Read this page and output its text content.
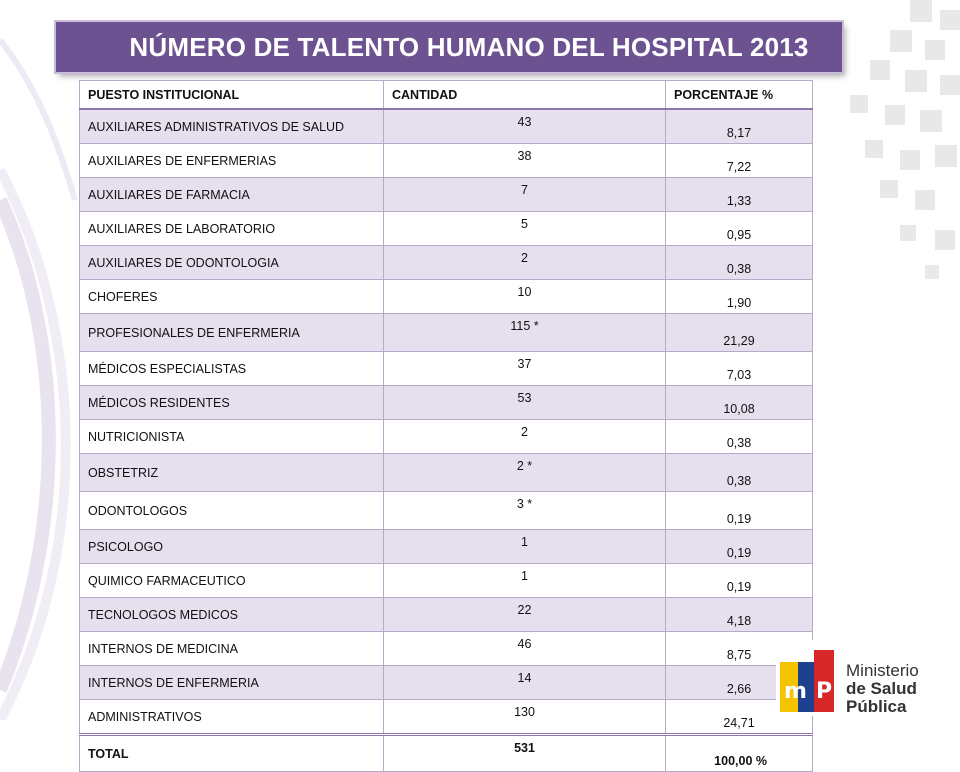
NÚMERO DE TALENTO HUMANO DEL HOSPITAL 2013
PUESTO INSTITUCIONAL	CANTIDAD	PORCENTAJE %
AUXILIARES ADMINISTRATIVOS DE SALUD	43	8,17
AUXILIARES DE ENFERMERIAS	38	7,22
AUXILIARES DE FARMACIA	7	1,33
AUXILIARES DE LABORATORIO	5	0,95
AUXILIARES DE ODONTOLOGIA	2	0,38
CHOFERES	10	1,90
PROFESIONALES DE ENFERMERIA	115 *	21,29
MÉDICOS ESPECIALISTAS	37	7,03
MÉDICOS RESIDENTES	53	10,08
NUTRICIONISTA	2	0,38
OBSTETRIZ	2 *	0,38
ODONTOLOGOS	3 *	0,19
PSICOLOGO	1	0,19
QUIMICO FARMACEUTICO	1	0,19
TECNOLOGOS MEDICOS	22	4,18
INTERNOS DE MEDICINA	46	8,75
INTERNOS DE ENFERMERIA	14	2,66
ADMINISTRATIVOS	130	24,71
TOTAL	531	100,00 %
m P
Ministerio
de Salud Pública
